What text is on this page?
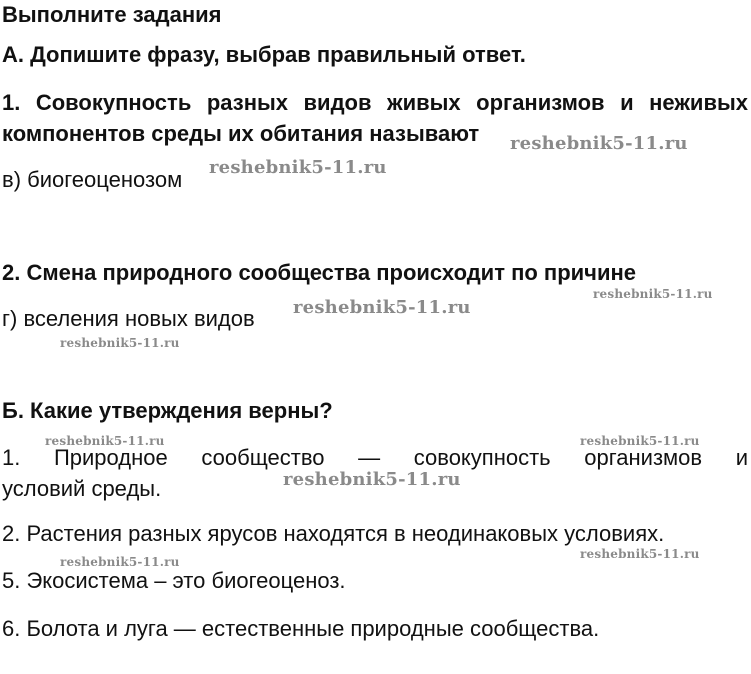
Выполните задания

А. Допишите фразу, выбрав правильный ответ.

1. Совокупность разных видов живых организмов и неживых

компонентов среды их обитания называют

в) биогеоценозом

2. Смена природного сообщества происходит по причине

г) вселения новых видов

Б. Какие утверждения верны?

1. Природное сообщество — совокупность организмов и

условий среды.

2. Растения разных ярусов находятся в неодинаковых условиях.

5. Экосистема – это биогеоценоз.

6. Болота и луга — естественные природные сообщества.

reshebnik5-11.ru
reshebnik5-11.ru
reshebnik5-11.ru
reshebnik5-11.ru
reshebnik5-11.ru
reshebnik5-11.ru	reshebnik5-11.ru
reshebnik5-11.ru
reshebnik5-11.ru
reshebnik5-11.ru
